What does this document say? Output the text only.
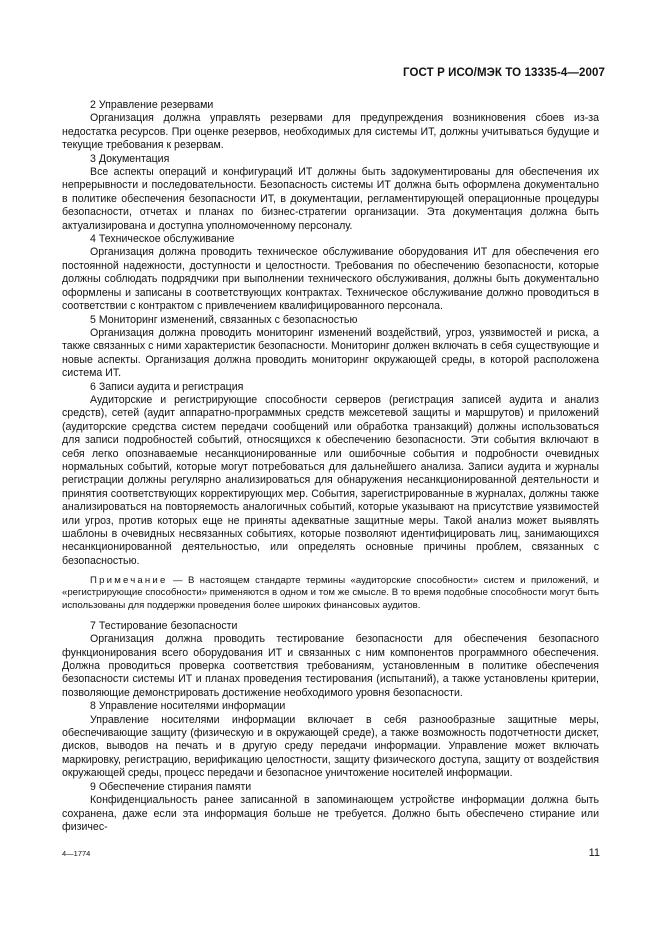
ГОСТ Р ИСО/МЭК ТО 13335-4—2007

2 Управление резервами

Организация должна управлять резервами для предупреждения возникновения сбоев из-за недостатка ресурсов. При оценке резервов, необходимых для системы ИТ, должны учитываться будущие и текущие требования к резервам.

3 Документация

Все аспекты операций и конфигураций ИТ должны быть задокументированы для обеспечения их непрерывности и последовательности. Безопасность системы ИТ должна быть оформлена документально в политике обеспечения безопасности ИТ, в документации, регламентирующей операционные процедуры безопасности, отчетах и планах по бизнес-стратегии организации. Эта документация должна быть актуализирована и доступна уполномоченному персоналу.

4 Техническое обслуживание

Организация должна проводить техническое обслуживание оборудования ИТ для обеспечения его постоянной надежности, доступности и целостности. Требования по обеспечению безопасности, которые должны соблюдать подрядчики при выполнении технического обслуживания, должны быть документально оформлены и записаны в соответствующих контрактах. Техническое обслуживание должно проводиться в соответствии с контрактом с привлечением квалифицированного персонала.

5 Мониторинг изменений, связанных с безопасностью

Организация должна проводить мониторинг изменений воздействий, угроз, уязвимостей и риска, а также связанных с ними характеристик безопасности. Мониторинг должен включать в себя существующие и новые аспекты. Организация должна проводить мониторинг окружающей среды, в которой расположена система ИТ.

6 Записи аудита и регистрация

Аудиторские и регистрирующие способности серверов (регистрация записей аудита и анализ средств), сетей (аудит аппаратно-программных средств межсетевой защиты и маршрутов) и приложений (аудиторские средства систем передачи сообщений или обработка транзакций) должны использоваться для записи подробностей событий, относящихся к обеспечению безопасности. Эти события включают в себя легко опознаваемые несанкционированные или ошибочные события и подробности очевидных нормальных событий, которые могут потребоваться для дальнейшего анализа. Записи аудита и журналы регистрации должны регулярно анализироваться для обнаружения несанкционированной деятельности и принятия соответствующих корректирующих мер. События, зарегистрированные в журналах, должны также анализироваться на повторяемость аналогичных событий, которые указывают на присутствие уязвимостей или угроз, против которых еще не приняты адекватные защитные меры. Такой анализ может выявлять шаблоны в очевидных несвязанных событиях, которые позволяют идентифицировать лиц, занимающихся несанкционированной деятельностью, или определять основные причины проблем, связанных с безопасностью.

Примечание — В настоящем стандарте термины «аудиторские способности» систем и приложений, и «регистрирующие способности» применяются в одном и том же смысле. В то время подобные способности могут быть использованы для поддержки проведения более широких финансовых аудитов.

7 Тестирование безопасности

Организация должна проводить тестирование безопасности для обеспечения безопасного функционирования всего оборудования ИТ и связанных с ним компонентов программного обеспечения. Должна проводиться проверка соответствия требованиям, установленным в политике обеспечения безопасности системы ИТ и планах проведения тестирования (испытаний), а также установлены критерии, позволяющие демонстрировать достижение необходимого уровня безопасности.

8 Управление носителями информации

Управление носителями информации включает в себя разнообразные защитные меры, обеспечивающие защиту (физическую и в окружающей среде), а также возможность подотчетности дискет, дисков, выводов на печать и в другую среду передачи информации. Управление может включать маркировку, регистрацию, верификацию целостности, защиту физического доступа, защиту от воздействия окружающей среды, процесс передачи и безопасное уничтожение носителей информации.

9 Обеспечение стирания памяти

Конфиденциальность ранее записанной в запоминающем устройстве информации должна быть сохранена, даже если эта информация больше не требуется. Должно быть обеспечено стирание или физичес-

4—1774	11
